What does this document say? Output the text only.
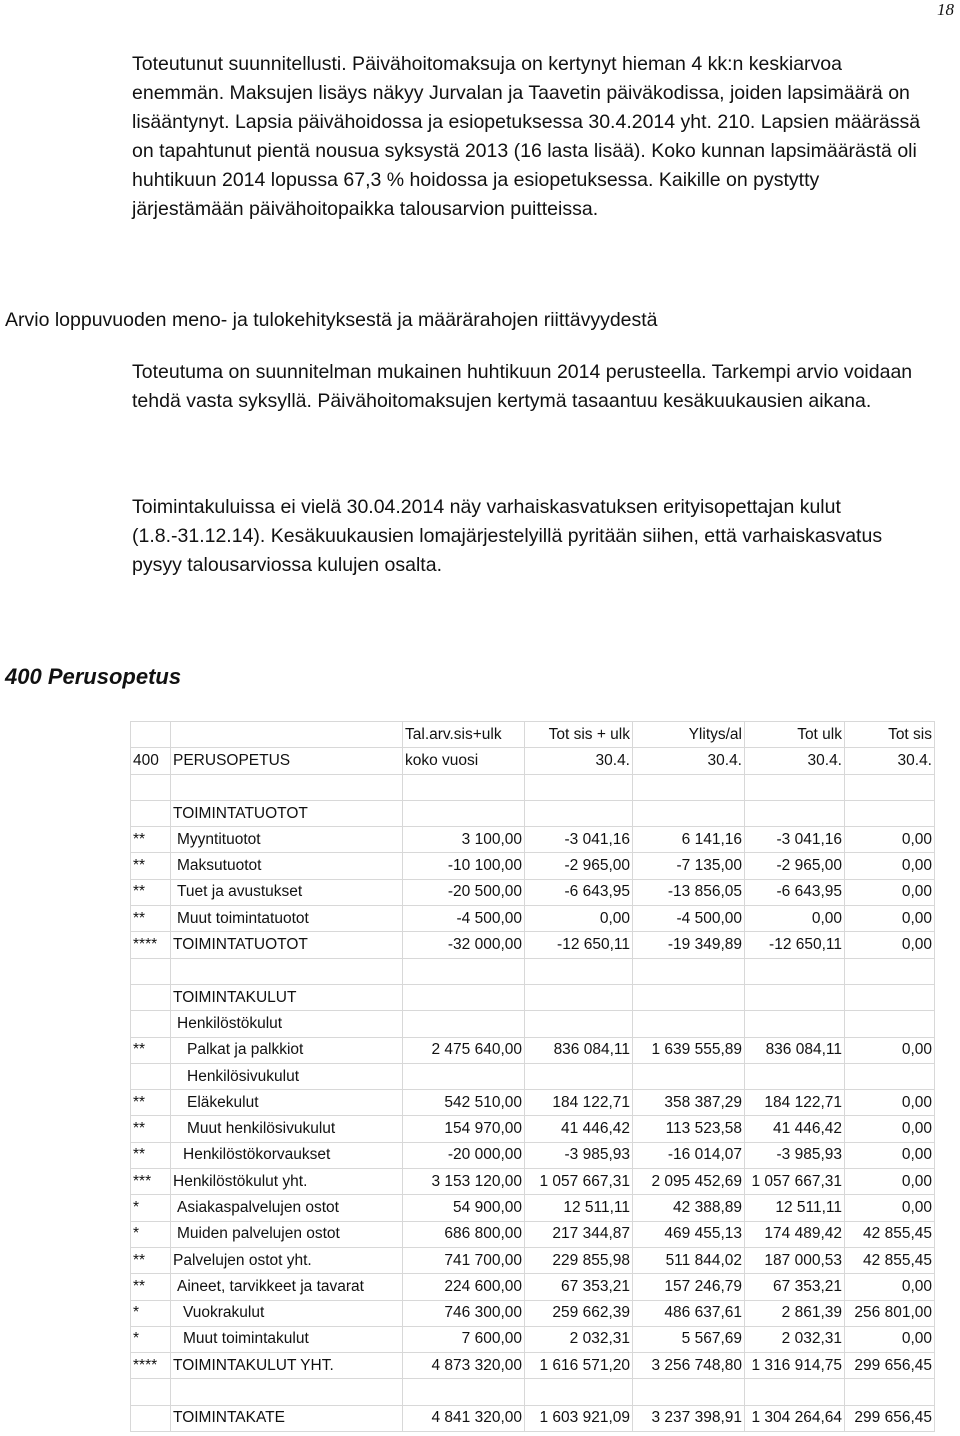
18

Toteutunut suunnitellusti. Päivähoitomaksuja on kertynyt hieman 4 kk:n keskiarvoa enemmän. Maksujen lisäys näkyy Jurvalan ja Taavetin päiväkodissa, joiden lapsimäärä on lisääntynyt. Lapsia päivähoidossa ja esiopetuksessa 30.4.2014 yht. 210. Lapsien määrässä on tapahtunut pientä nousua syksystä 2013 (16 lasta lisää). Koko kunnan lapsimäärästä oli huhtikuun 2014 lopussa 67,3 % hoidossa ja esiopetuksessa. Kaikille on pystytty järjestämään päivähoitopaikka talousarvion puitteissa.

Arvio loppuvuoden meno- ja tulokehityksestä ja määrärahojen riittävyydestä

Toteutuma on suunnitelman mukainen huhtikuun 2014 perusteella. Tarkempi arvio voidaan tehdä vasta syksyllä. Päivähoitomaksujen kertymä tasaantuu kesäkuukausien aikana.

Toimintakuluissa ei vielä 30.04.2014 näy varhaiskasvatuksen erityisopettajan kulut (1.8.-31.12.14). Kesäkuukausien lomajärjestelyillä pyritään siihen, että varhaiskasvatus pysyy talousarviossa kulujen osalta.

400 Perusopetus
		Tal.arv.sis+ulk	Tot sis + ulk	Ylitys/al	Tot ulk	Tot sis
400	PERUSOPETUS	koko vuosi	30.4.	30.4.	30.4.	30.4.

	TOIMINTATUOTOT					
**	Myyntituotot	3 100,00	-3 041,16	6 141,16	-3 041,16	0,00
**	Maksutuotot	-10 100,00	-2 965,00	-7 135,00	-2 965,00	0,00
**	Tuet ja avustukset	-20 500,00	-6 643,95	-13 856,05	-6 643,95	0,00
**	Muut toimintatuotot	-4 500,00	0,00	-4 500,00	0,00	0,00
****	TOIMINTATUOTOT	-32 000,00	-12 650,11	-19 349,89	-12 650,11	0,00

	TOIMINTAKULUT					
	Henkilöstökulut					
**	Palkat ja palkkiot	2 475 640,00	836 084,11	1 639 555,89	836 084,11	0,00
	Henkilösivukulut					
**	Eläkekulut	542 510,00	184 122,71	358 387,29	184 122,71	0,00
**	Muut henkilösivukulut	154 970,00	41 446,42	113 523,58	41 446,42	0,00
**	Henkilöstökorvaukset	-20 000,00	-3 985,93	-16 014,07	-3 985,93	0,00
***	Henkilöstökulut yht.	3 153 120,00	1 057 667,31	2 095 452,69	1 057 667,31	0,00
*	Asiakaspalvelujen ostot	54 900,00	12 511,11	42 388,89	12 511,11	0,00
*	Muiden palvelujen ostot	686 800,00	217 344,87	469 455,13	174 489,42	42 855,45
**	Palvelujen ostot yht.	741 700,00	229 855,98	511 844,02	187 000,53	42 855,45
**	Aineet, tarvikkeet ja tavarat	224 600,00	67 353,21	157 246,79	67 353,21	0,00
*	Vuokrakulut	746 300,00	259 662,39	486 637,61	2 861,39	256 801,00
*	Muut toimintakulut	7 600,00	2 032,31	5 567,69	2 032,31	0,00
****	TOIMINTAKULUT YHT.	4 873 320,00	1 616 571,20	3 256 748,80	1 316 914,75	299 656,45

	TOIMINTAKATE	4 841 320,00	1 603 921,09	3 237 398,91	1 304 264,64	299 656,45
